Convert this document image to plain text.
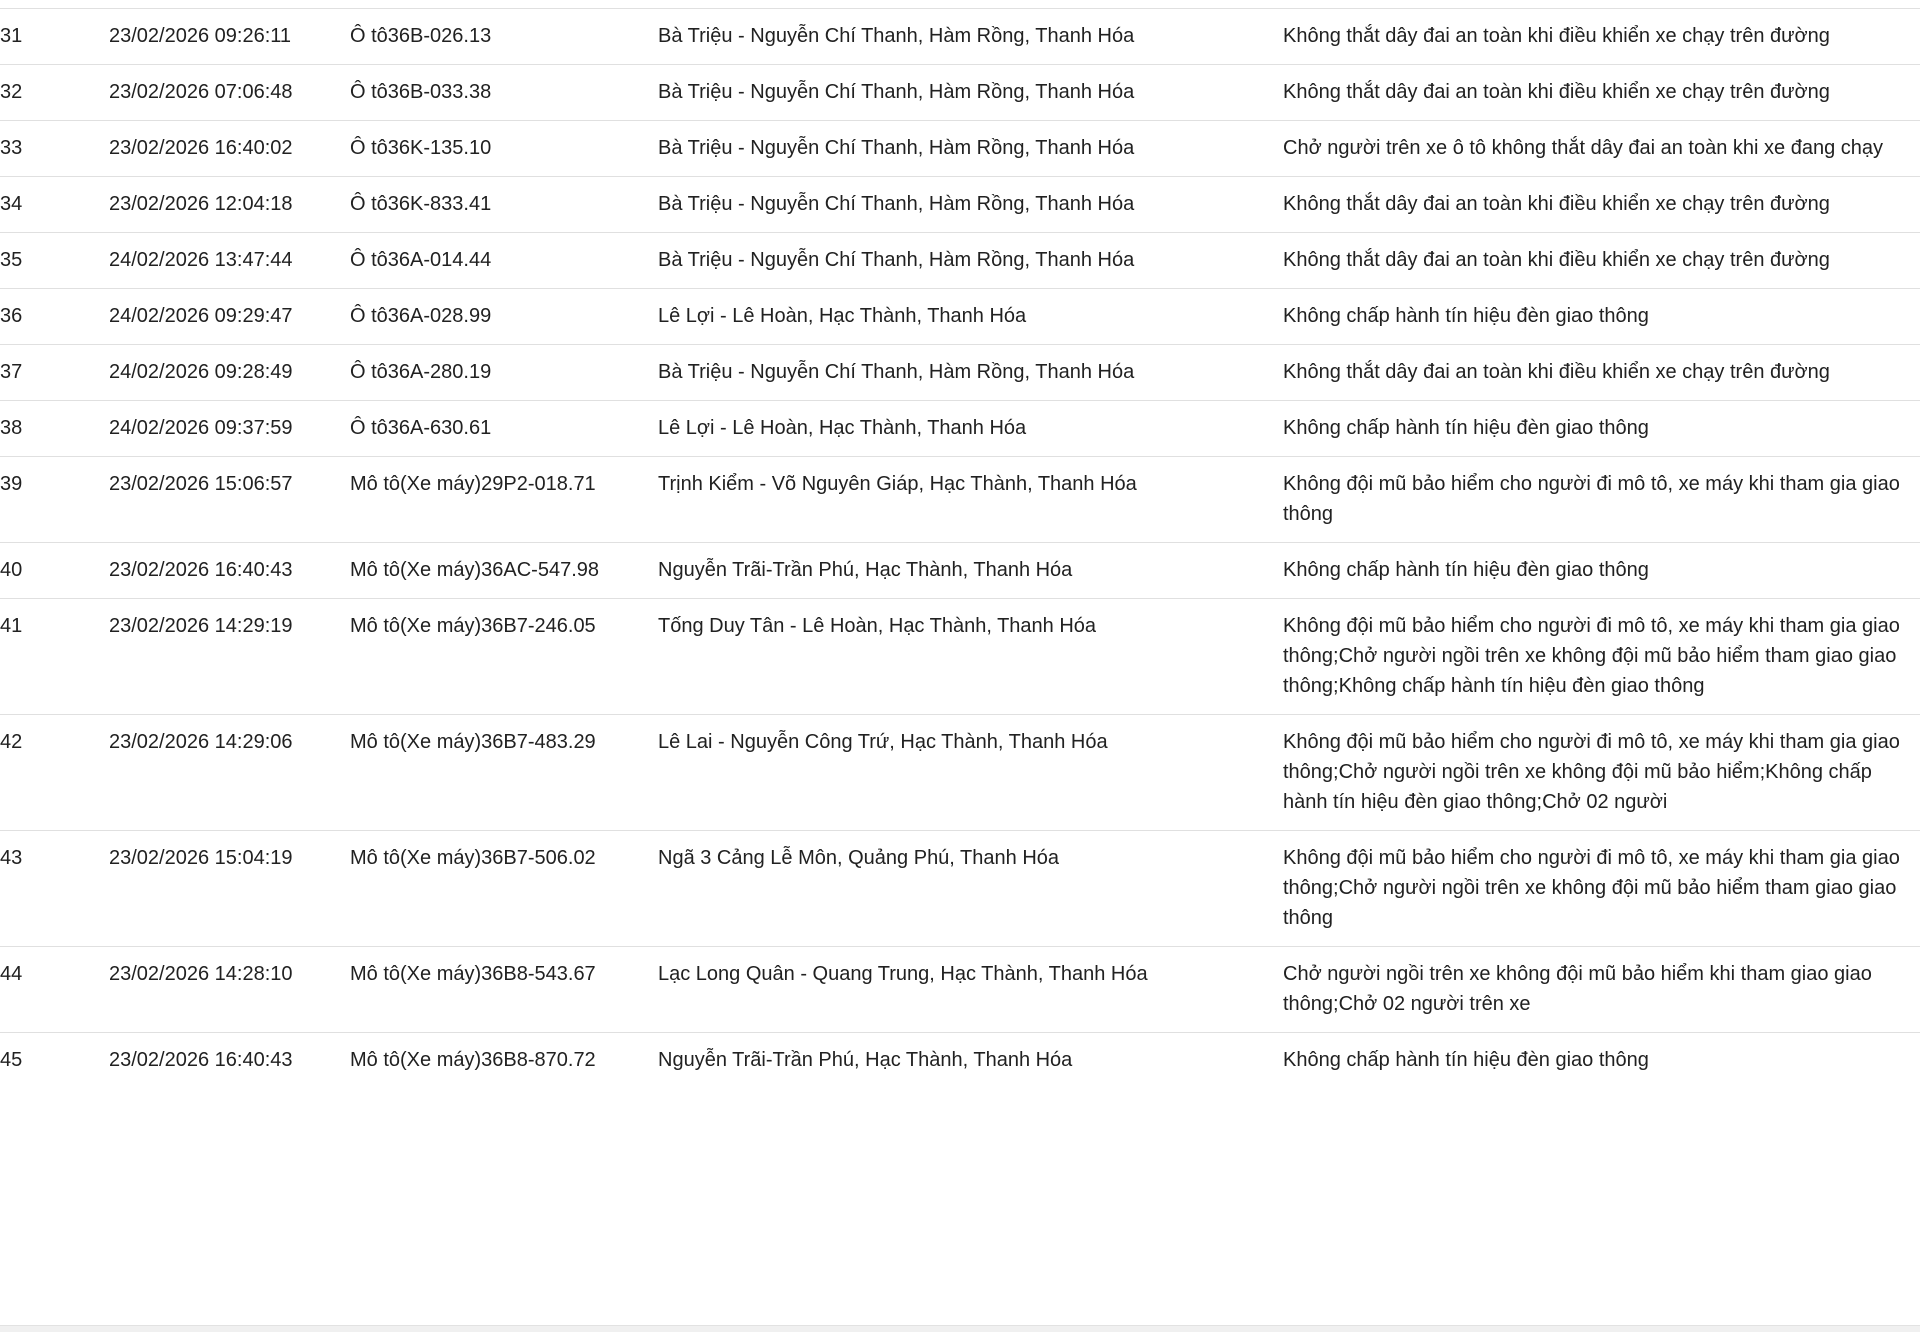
31	23/02/2026 09:26:11	Ô tô36B-026.13	Bà Triệu - Nguyễn Chí Thanh, Hàm Rồng, Thanh Hóa	Không thắt dây đai an toàn khi điều khiển xe chạy trên đường
32	23/02/2026 07:06:48	Ô tô36B-033.38	Bà Triệu - Nguyễn Chí Thanh, Hàm Rồng, Thanh Hóa	Không thắt dây đai an toàn khi điều khiển xe chạy trên đường
33	23/02/2026 16:40:02	Ô tô36K-135.10	Bà Triệu - Nguyễn Chí Thanh, Hàm Rồng, Thanh Hóa	Chở người trên xe ô tô không thắt dây đai an toàn khi xe đang chạy
34	23/02/2026 12:04:18	Ô tô36K-833.41	Bà Triệu - Nguyễn Chí Thanh, Hàm Rồng, Thanh Hóa	Không thắt dây đai an toàn khi điều khiển xe chạy trên đường
35	24/02/2026 13:47:44	Ô tô36A-014.44	Bà Triệu - Nguyễn Chí Thanh, Hàm Rồng, Thanh Hóa	Không thắt dây đai an toàn khi điều khiển xe chạy trên đường
36	24/02/2026 09:29:47	Ô tô36A-028.99	Lê Lợi - Lê Hoàn, Hạc Thành, Thanh Hóa	Không chấp hành tín hiệu đèn giao thông
37	24/02/2026 09:28:49	Ô tô36A-280.19	Bà Triệu - Nguyễn Chí Thanh, Hàm Rồng, Thanh Hóa	Không thắt dây đai an toàn khi điều khiển xe chạy trên đường
38	24/02/2026 09:37:59	Ô tô36A-630.61	Lê Lợi - Lê Hoàn, Hạc Thành, Thanh Hóa	Không chấp hành tín hiệu đèn giao thông
39	23/02/2026 15:06:57	Mô tô(Xe máy)29P2-018.71	Trịnh Kiểm - Võ Nguyên Giáp, Hạc Thành, Thanh Hóa	Không đội mũ bảo hiểm cho người đi mô tô, xe máy khi tham gia giao thông
40	23/02/2026 16:40:43	Mô tô(Xe máy)36AC-547.98	Nguyễn Trãi-Trần Phú, Hạc Thành, Thanh Hóa	Không chấp hành tín hiệu đèn giao thông
41	23/02/2026 14:29:19	Mô tô(Xe máy)36B7-246.05	Tống Duy Tân - Lê Hoàn, Hạc Thành, Thanh Hóa	Không đội mũ bảo hiểm cho người đi mô tô, xe máy khi tham gia giao thông;Chở người ngồi trên xe không đội mũ bảo hiểm tham giao giao thông;Không chấp hành tín hiệu đèn giao thông
42	23/02/2026 14:29:06	Mô tô(Xe máy)36B7-483.29	Lê Lai - Nguyễn Công Trứ, Hạc Thành, Thanh Hóa	Không đội mũ bảo hiểm cho người đi mô tô, xe máy khi tham gia giao thông;Chở người ngồi trên xe không đội mũ bảo hiểm;Không chấp hành tín hiệu đèn giao thông;Chở 02 người
43	23/02/2026 15:04:19	Mô tô(Xe máy)36B7-506.02	Ngã 3 Cảng Lễ Môn, Quảng Phú, Thanh Hóa	Không đội mũ bảo hiểm cho người đi mô tô, xe máy khi tham gia giao thông;Chở người ngồi trên xe không đội mũ bảo hiểm tham giao giao thông
44	23/02/2026 14:28:10	Mô tô(Xe máy)36B8-543.67	Lạc Long Quân - Quang Trung, Hạc Thành, Thanh Hóa	Chở người ngồi trên xe không đội mũ bảo hiểm khi tham giao giao thông;Chở 02 người trên xe
45	23/02/2026 16:40:43	Mô tô(Xe máy)36B8-870.72	Nguyễn Trãi-Trần Phú, Hạc Thành, Thanh Hóa	Không chấp hành tín hiệu đèn giao thông
